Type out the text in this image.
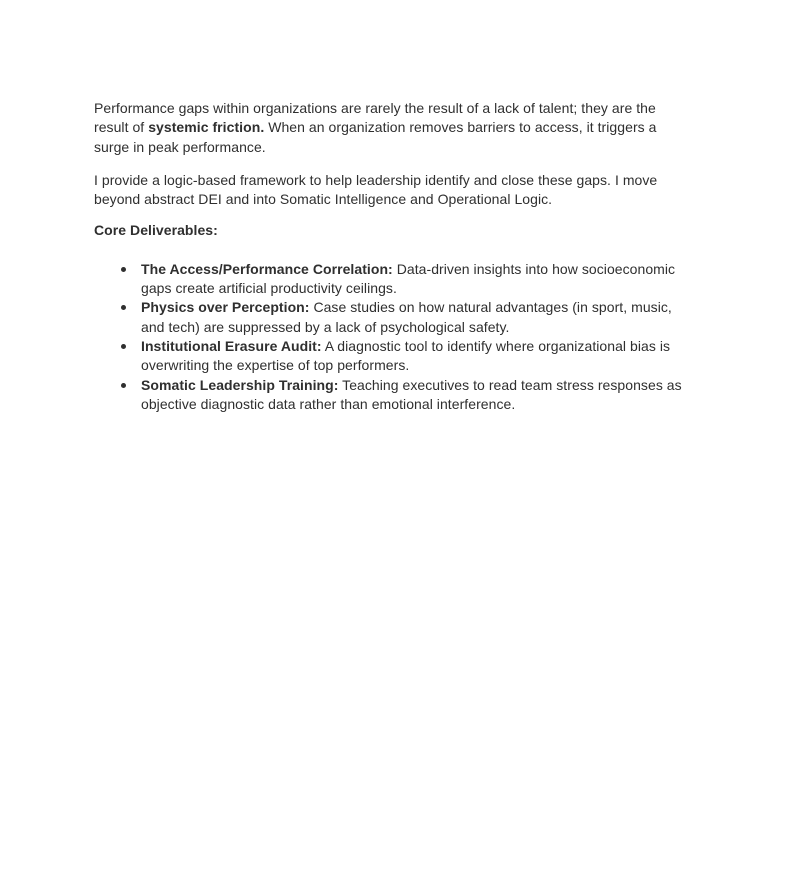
Performance gaps within organizations are rarely the result of a lack of talent; they are the result of systemic friction. When an organization removes barriers to access, it triggers a surge in peak performance.

I provide a logic-based framework to help leadership identify and close these gaps. I move beyond abstract DEI and into Somatic Intelligence and Operational Logic.

Core Deliverables:

The Access/Performance Correlation: Data-driven insights into how socioeconomic gaps create artificial productivity ceilings.
Physics over Perception: Case studies on how natural advantages (in sport, music, and tech) are suppressed by a lack of psychological safety.
Institutional Erasure Audit: A diagnostic tool to identify where organizational bias is overwriting the expertise of top performers.
Somatic Leadership Training: Teaching executives to read team stress responses as objective diagnostic data rather than emotional interference.
